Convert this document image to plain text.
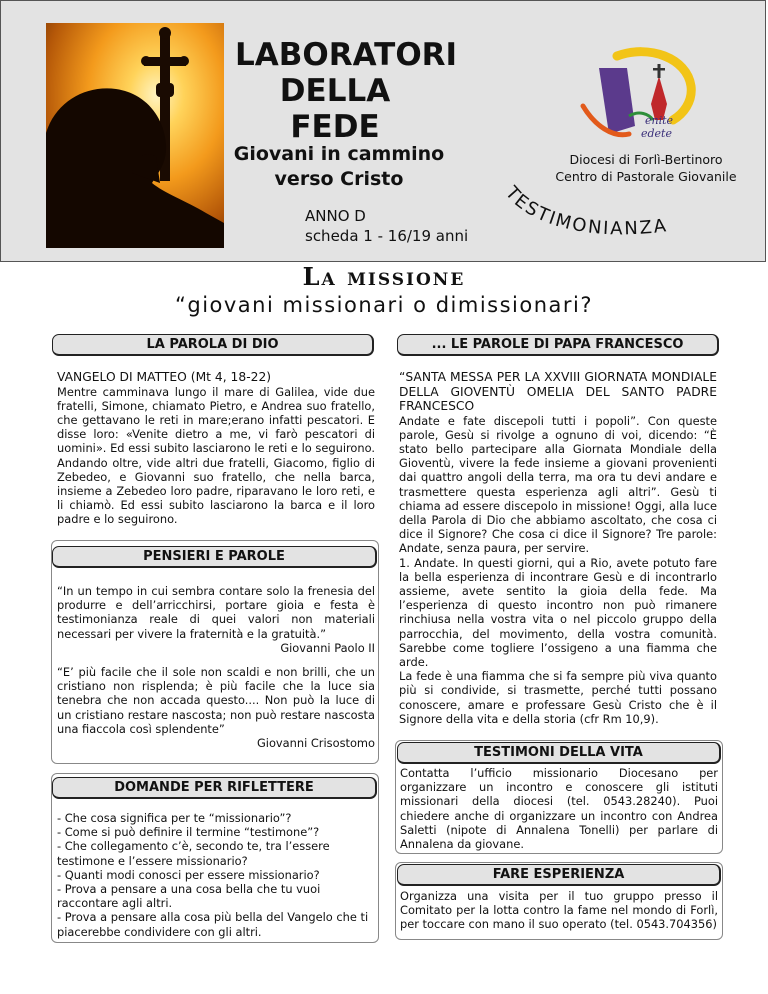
LABORATORI
DELLA
FEDE
Giovani in cammino
verso Cristo
ANNO D
scheda 1 - 16/19 anni
enite
edete
Diocesi di Forlì-Bertinoro
Centro di Pastorale Giovanile
TESTIMONIANZA
La missione
“giovani missionari o dimissionari?
LA PAROLA DI DIO

VANGELO DI MATTEO (Mt 4, 18-22)

Mentre camminava lungo il mare di Galilea, vide due fratelli, Simone, chiamato Pietro, e Andrea suo fratello, che gettavano le reti in mare;erano infatti pescatori. E disse loro: «Venite dietro a me, vi farò pescatori di uomini». Ed essi subito lasciarono le reti e lo seguirono. Andando oltre, vide altri due fratelli, Giacomo, figlio di Zebedeo, e Giovanni suo fratello, che nella barca, insieme a Zebedeo loro padre, riparavano le loro reti, e li chiamò. Ed essi subito lasciarono la barca e il loro padre e lo seguirono.

PENSIERI E PAROLE

“In un tempo in cui sembra contare solo la frenesia del produrre e dell’arricchirsi, portare gioia e festa è testimonianza reale di quei valori non materiali necessari per vivere la fraternità e la gratuità.”

Giovanni Paolo II

“E’ più facile che il sole non scaldi e non brilli, che un cristiano non risplenda; è più facile che la luce sia tenebra che non accada questo.... Non può la luce di un cristiano restare nascosta; non può restare nascosta una fiaccola così splendente”

Giovanni Crisostomo

DOMANDE PER RIFLETTERE

- Che cosa significa per te “missionario”?

- Come si può definire il termine “testimone”?

- Che collegamento c’è, secondo te, tra l’essere testimone e l’essere missionario?

- Quanti modi conosci per essere missionario?

- Prova a pensare a una cosa bella che tu vuoi raccontare agli altri.

- Prova a pensare alla cosa più bella del Vangelo che ti piacerebbe condividere con gli altri.

... LE PAROLE DI PAPA FRANCESCO

“SANTA MESSA PER LA XXVIII GIORNATA MONDIALE DELLA GIOVENTÙ OMELIA DEL SANTO PADRE FRANCESCO

Andate e fate discepoli tutti i popoli”. Con queste parole, Gesù si rivolge a ognuno di voi, dicendo: “È stato bello partecipare alla Giornata Mondiale della Gioventù, vivere la fede insieme a giovani provenienti dai quattro angoli della terra, ma ora tu devi andare e trasmettere questa esperienza agli altri”. Gesù ti chiama ad essere discepolo in missione! Oggi, alla luce della Parola di Dio che abbiamo ascoltato, che cosa ci dice il Signore? Che cosa ci dice il Signore? Tre parole: Andate, senza paura, per servire.

1. Andate. In questi giorni, qui a Rio, avete potuto fare la bella esperienza di incontrare Gesù e di incontrarlo assieme, avete sentito la gioia della fede. Ma l’esperienza di questo incontro non può rimanere rinchiusa nella vostra vita o nel piccolo gruppo della parrocchia, del movimento, della vostra comunità. Sarebbe come togliere l’ossigeno a una fiamma che arde.

La fede è una fiamma che si fa sempre più viva quanto più si condivide, si trasmette, perché tutti possano conoscere, amare e professare Gesù Cristo che è il Signore della vita e della storia (cfr Rm 10,9).

TESTIMONI DELLA VITA
Contatta l’ufficio missionario Diocesano per organizzare un incontro e conoscere gli istituti missionari della diocesi (tel. 0543.28240). Puoi chiedere anche di organizzare un incontro con Andrea Saletti (nipote di Annalena Tonelli) per parlare di Annalena da giovane.
FARE ESPERIENZA
Organizza una visita per il tuo gruppo presso il Comitato per la lotta contro la fame nel mondo di Forlì, per toccare con mano il suo operato (tel. 0543.704356)
